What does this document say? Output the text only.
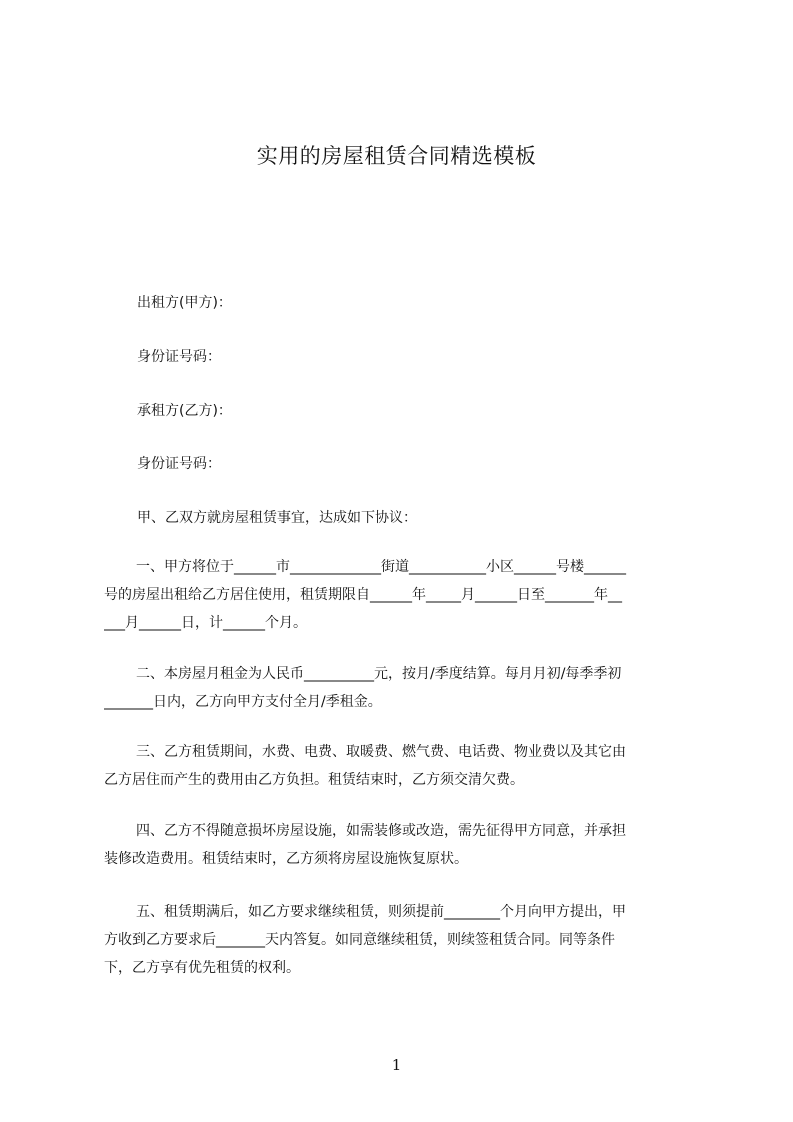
实用的房屋租赁合同精选模板
出租方(甲方)：
身份证号码：
承租方(乙方)：
身份证号码：
甲、乙双方就房屋租赁事宜，达成如下协议：
一、甲方将位于______市_____________街道___________小区______号楼______
号的房屋出租给乙方居住使用，租赁期限自______年_____月______日至_______年__
___月______日，计______个月。
二、本房屋月租金为人民币__________元，按月/季度结算。每月月初/每季季初
_______日内，乙方向甲方支付全月/季租金。
三、乙方租赁期间，水费、电费、取暖费、燃气费、电话费、物业费以及其它由
乙方居住而产生的费用由乙方负担。租赁结束时，乙方须交清欠费。
四、乙方不得随意损坏房屋设施，如需装修或改造，需先征得甲方同意，并承担
装修改造费用。租赁结束时，乙方须将房屋设施恢复原状。
五、租赁期满后，如乙方要求继续租赁，则须提前________个月向甲方提出，甲
方收到乙方要求后_______天内答复。如同意继续租赁，则续签租赁合同。同等条件
下，乙方享有优先租赁的权利。
1
